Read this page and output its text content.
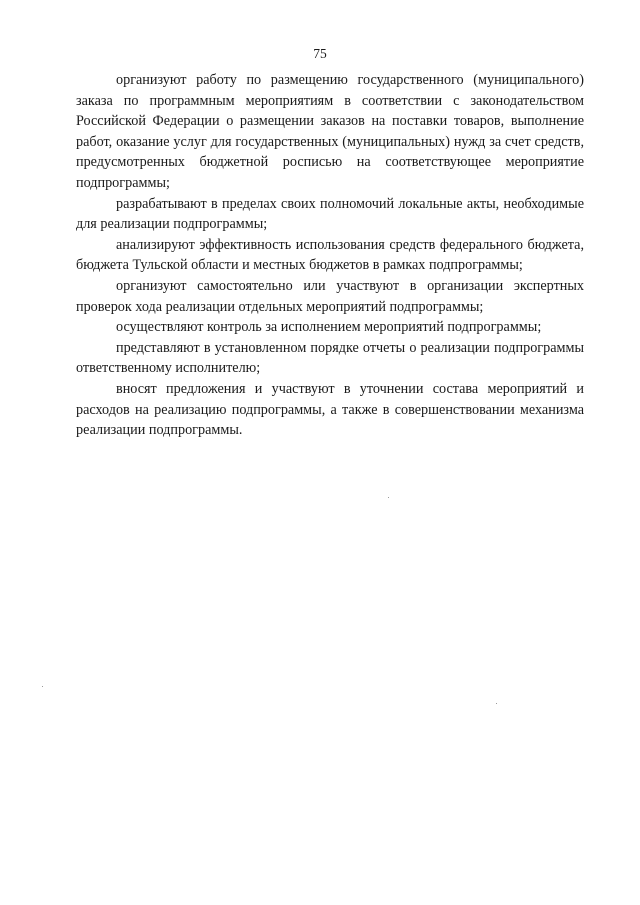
75

организуют работу по размещению государственного (муниципального) заказа по программным мероприятиям в соответствии с законодательством Российской Федерации о размещении заказов на поставки товаров, выполнение работ, оказание услуг для государственных (муниципальных) нужд за счет средств, предусмотренных бюджетной росписью на соответствующее мероприятие подпрограммы;

разрабатывают в пределах своих полномочий локальные акты, необходимые для реализации подпрограммы;

анализируют эффективность использования средств федерального бюджета, бюджета Тульской области и местных бюджетов в рамках подпрограммы;

организуют самостоятельно или участвуют в организации экспертных проверок хода реализации отдельных мероприятий подпрограммы;

осуществляют контроль за исполнением мероприятий подпрограммы;

представляют в установленном порядке отчеты о реализации подпрограммы ответственному исполнителю;

вносят предложения и участвуют в уточнении состава мероприятий и расходов на реализацию подпрограммы, а также в совершенствовании механизма реализации подпрограммы.
